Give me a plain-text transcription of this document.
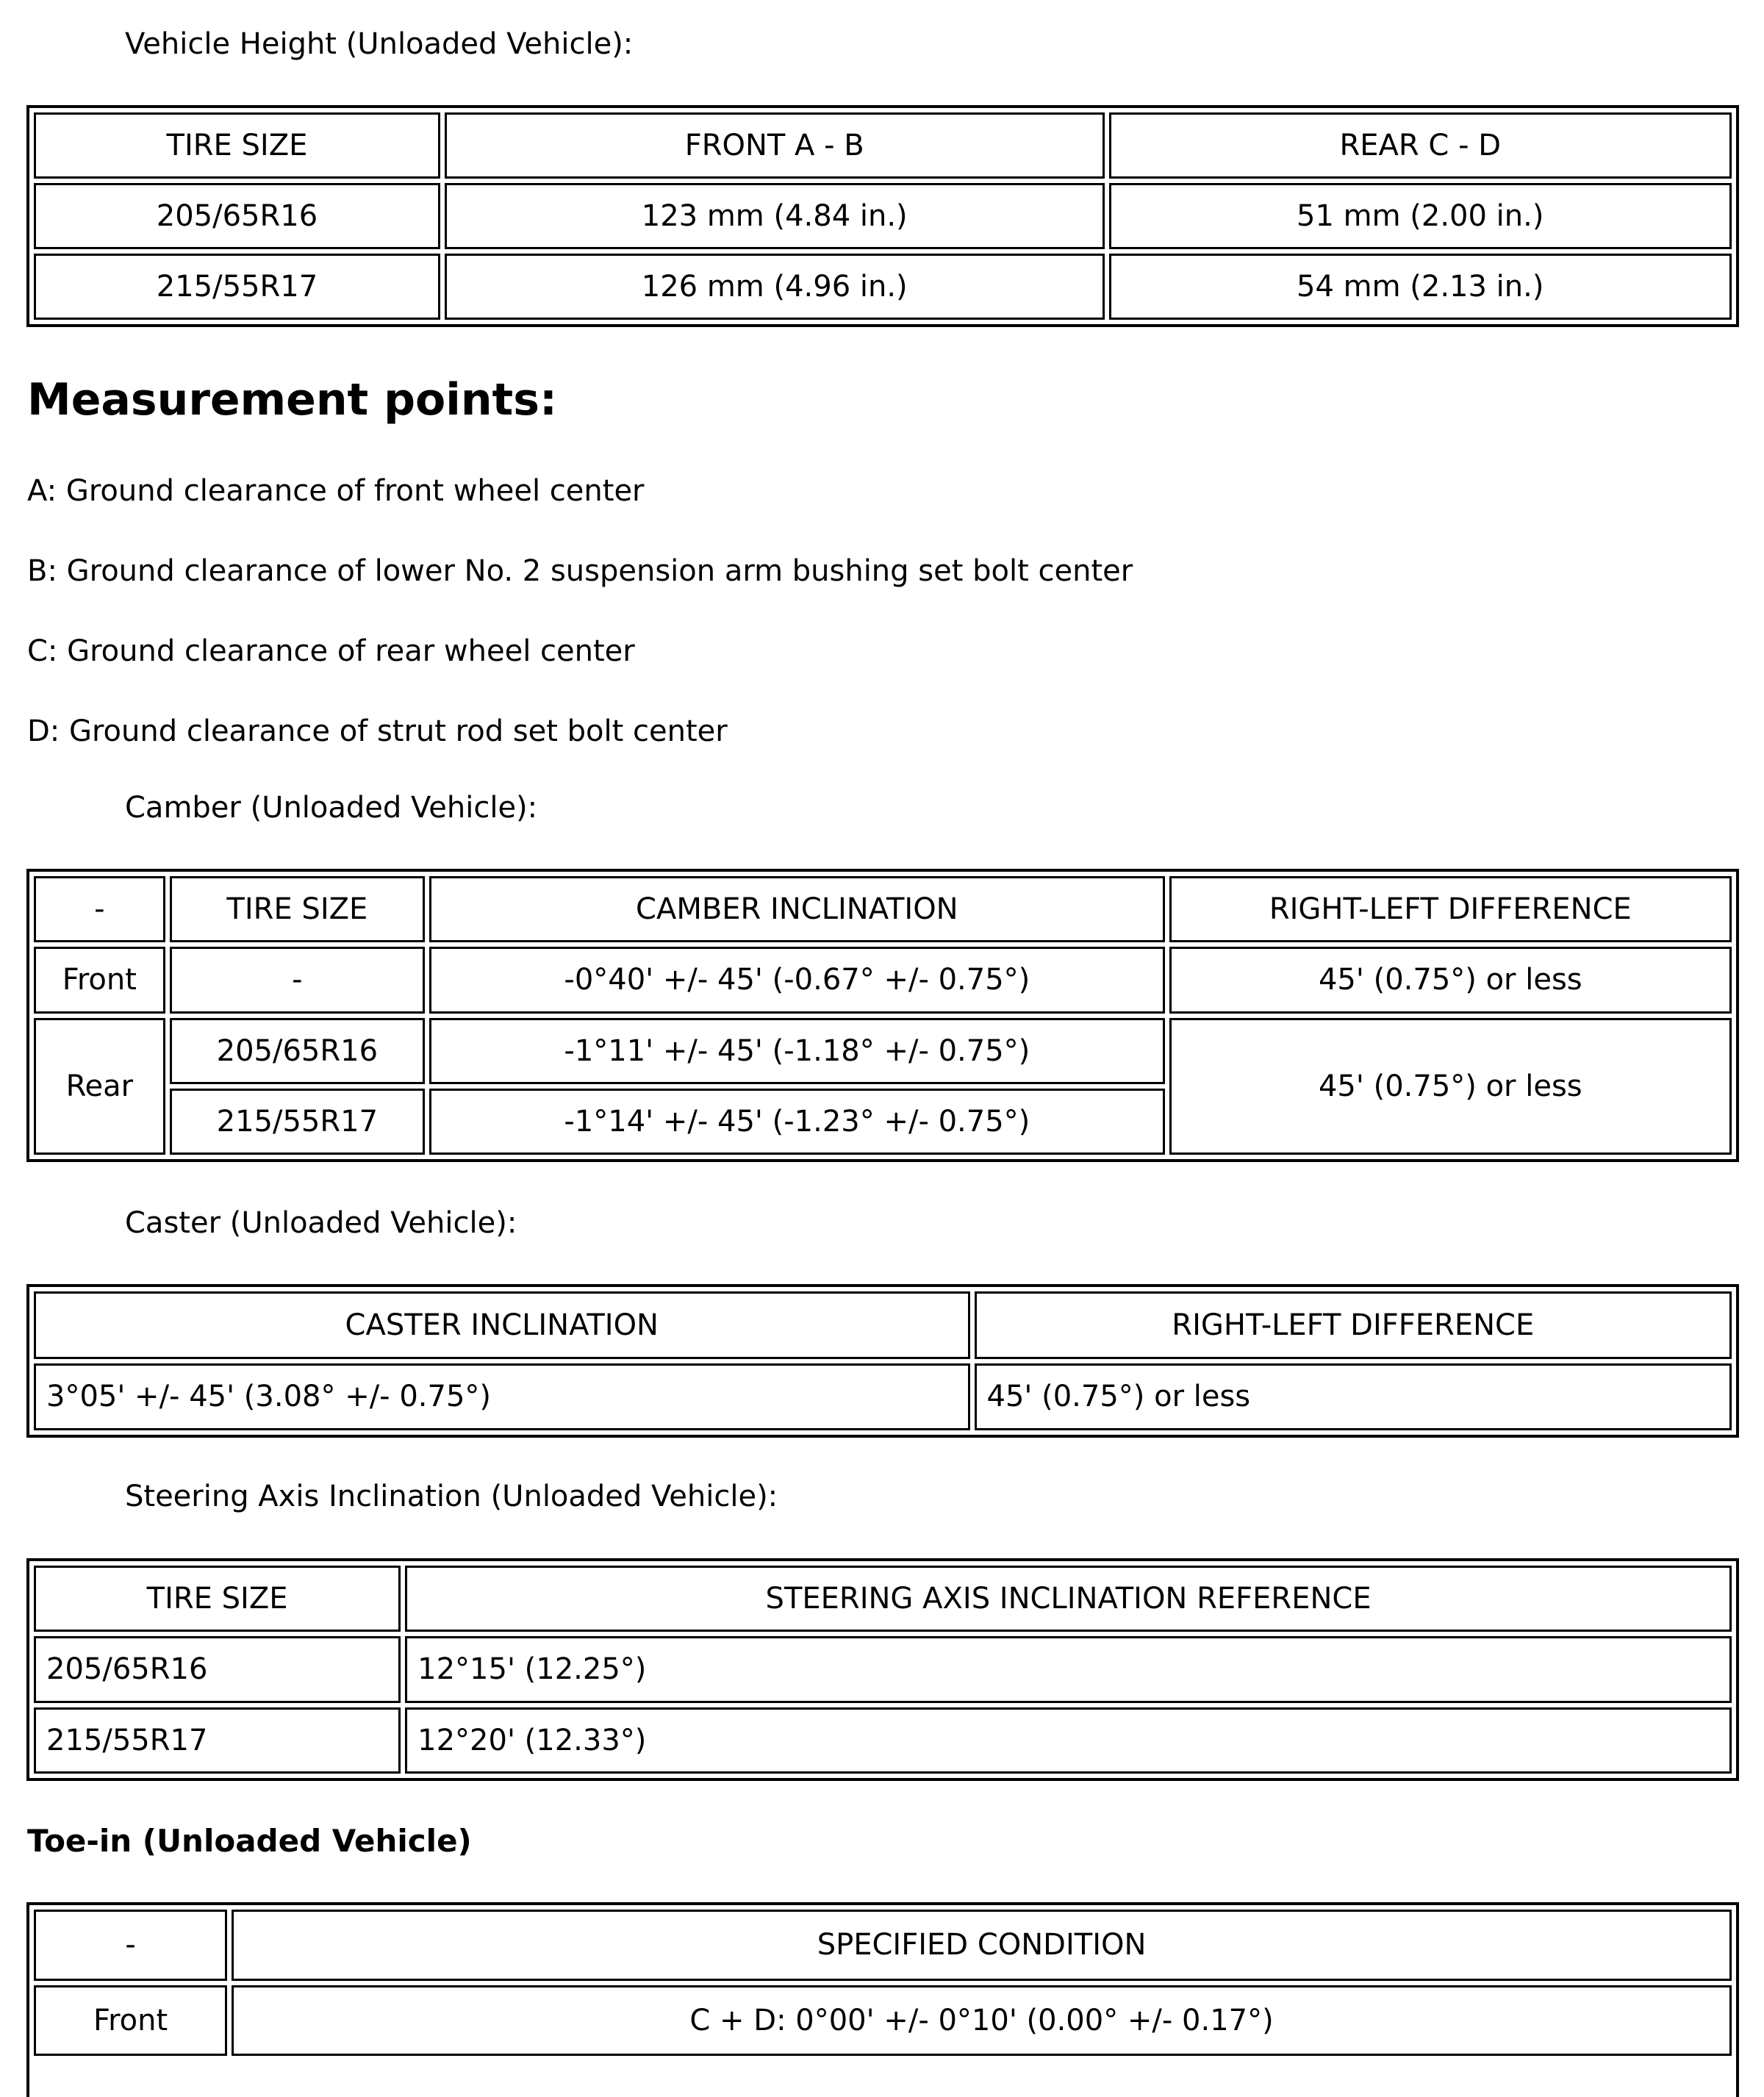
Vehicle Height (Unloaded Vehicle):
TIRE SIZE	FRONT A - B	REAR C - D
205/65R16	123 mm (4.84 in.)	51 mm (2.00 in.)
215/55R17	126 mm (4.96 in.)	54 mm (2.13 in.)
Measurement points:
A: Ground clearance of front wheel center
B: Ground clearance of lower No. 2 suspension arm bushing set bolt center
C: Ground clearance of rear wheel center
D: Ground clearance of strut rod set bolt center
Camber (Unloaded Vehicle):
-	TIRE SIZE	CAMBER INCLINATION	RIGHT-LEFT DIFFERENCE
Front	-	-0°40' +/- 45' (-0.67° +/- 0.75°)	45' (0.75°) or less
Rear	205/65R16	-1°11' +/- 45' (-1.18° +/- 0.75°)	45' (0.75°) or less
	215/55R17	-1°14' +/- 45' (-1.23° +/- 0.75°)	
Caster (Unloaded Vehicle):
CASTER INCLINATION	RIGHT-LEFT DIFFERENCE
3°05' +/- 45' (3.08° +/- 0.75°)	45' (0.75°) or less
Steering Axis Inclination (Unloaded Vehicle):
TIRE SIZE	STEERING AXIS INCLINATION REFERENCE
205/65R16	12°15' (12.25°)
215/55R17	12°20' (12.33°)
Toe-in (Unloaded Vehicle)
-	SPECIFIED CONDITION
Front	C + D: 0°00' +/- 0°10' (0.00° +/- 0.17°)
